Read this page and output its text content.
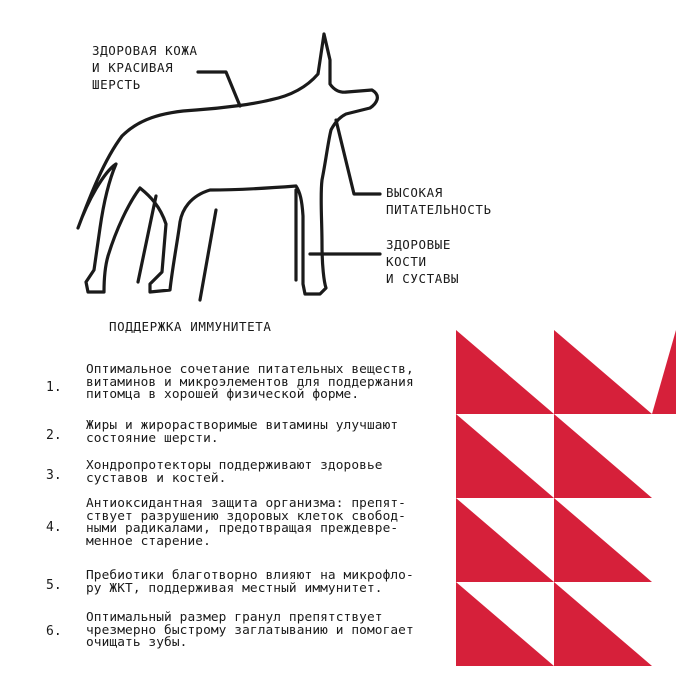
ЗДОРОВАЯ КОЖА
И КРАСИВАЯ
ШЕРСТЬ

ВЫСОКАЯ
ПИТАТЕЛЬНОСТЬ

ЗДОРОВЫЕ
КОСТИ
И СУСТАВЫ

ПОДДЕРЖКА ИММУНИТЕТА

1.
Оптимальное сочетание питательных веществ,
витаминов и микроэлементов для поддержания
питомца в хорошей физической форме.
2.
Жиры и жирорастворимые витамины улучшают
состояние шерсти.
3.
Хондропротекторы поддерживают здоровье
суставов и костей.
4.
Антиоксидантная защита организма: препят-
ствует разрушению здоровых клеток свобод-
ными радикалами, предотвращая преждевре-
менное старение.
5.
Пребиотики благотворно влияют на микрофло-
ру ЖКТ, поддерживая местный иммунитет.
6.
Оптимальный размер гранул препятствует
чрезмерно быстрому заглатыванию и помогает
очищать зубы.
